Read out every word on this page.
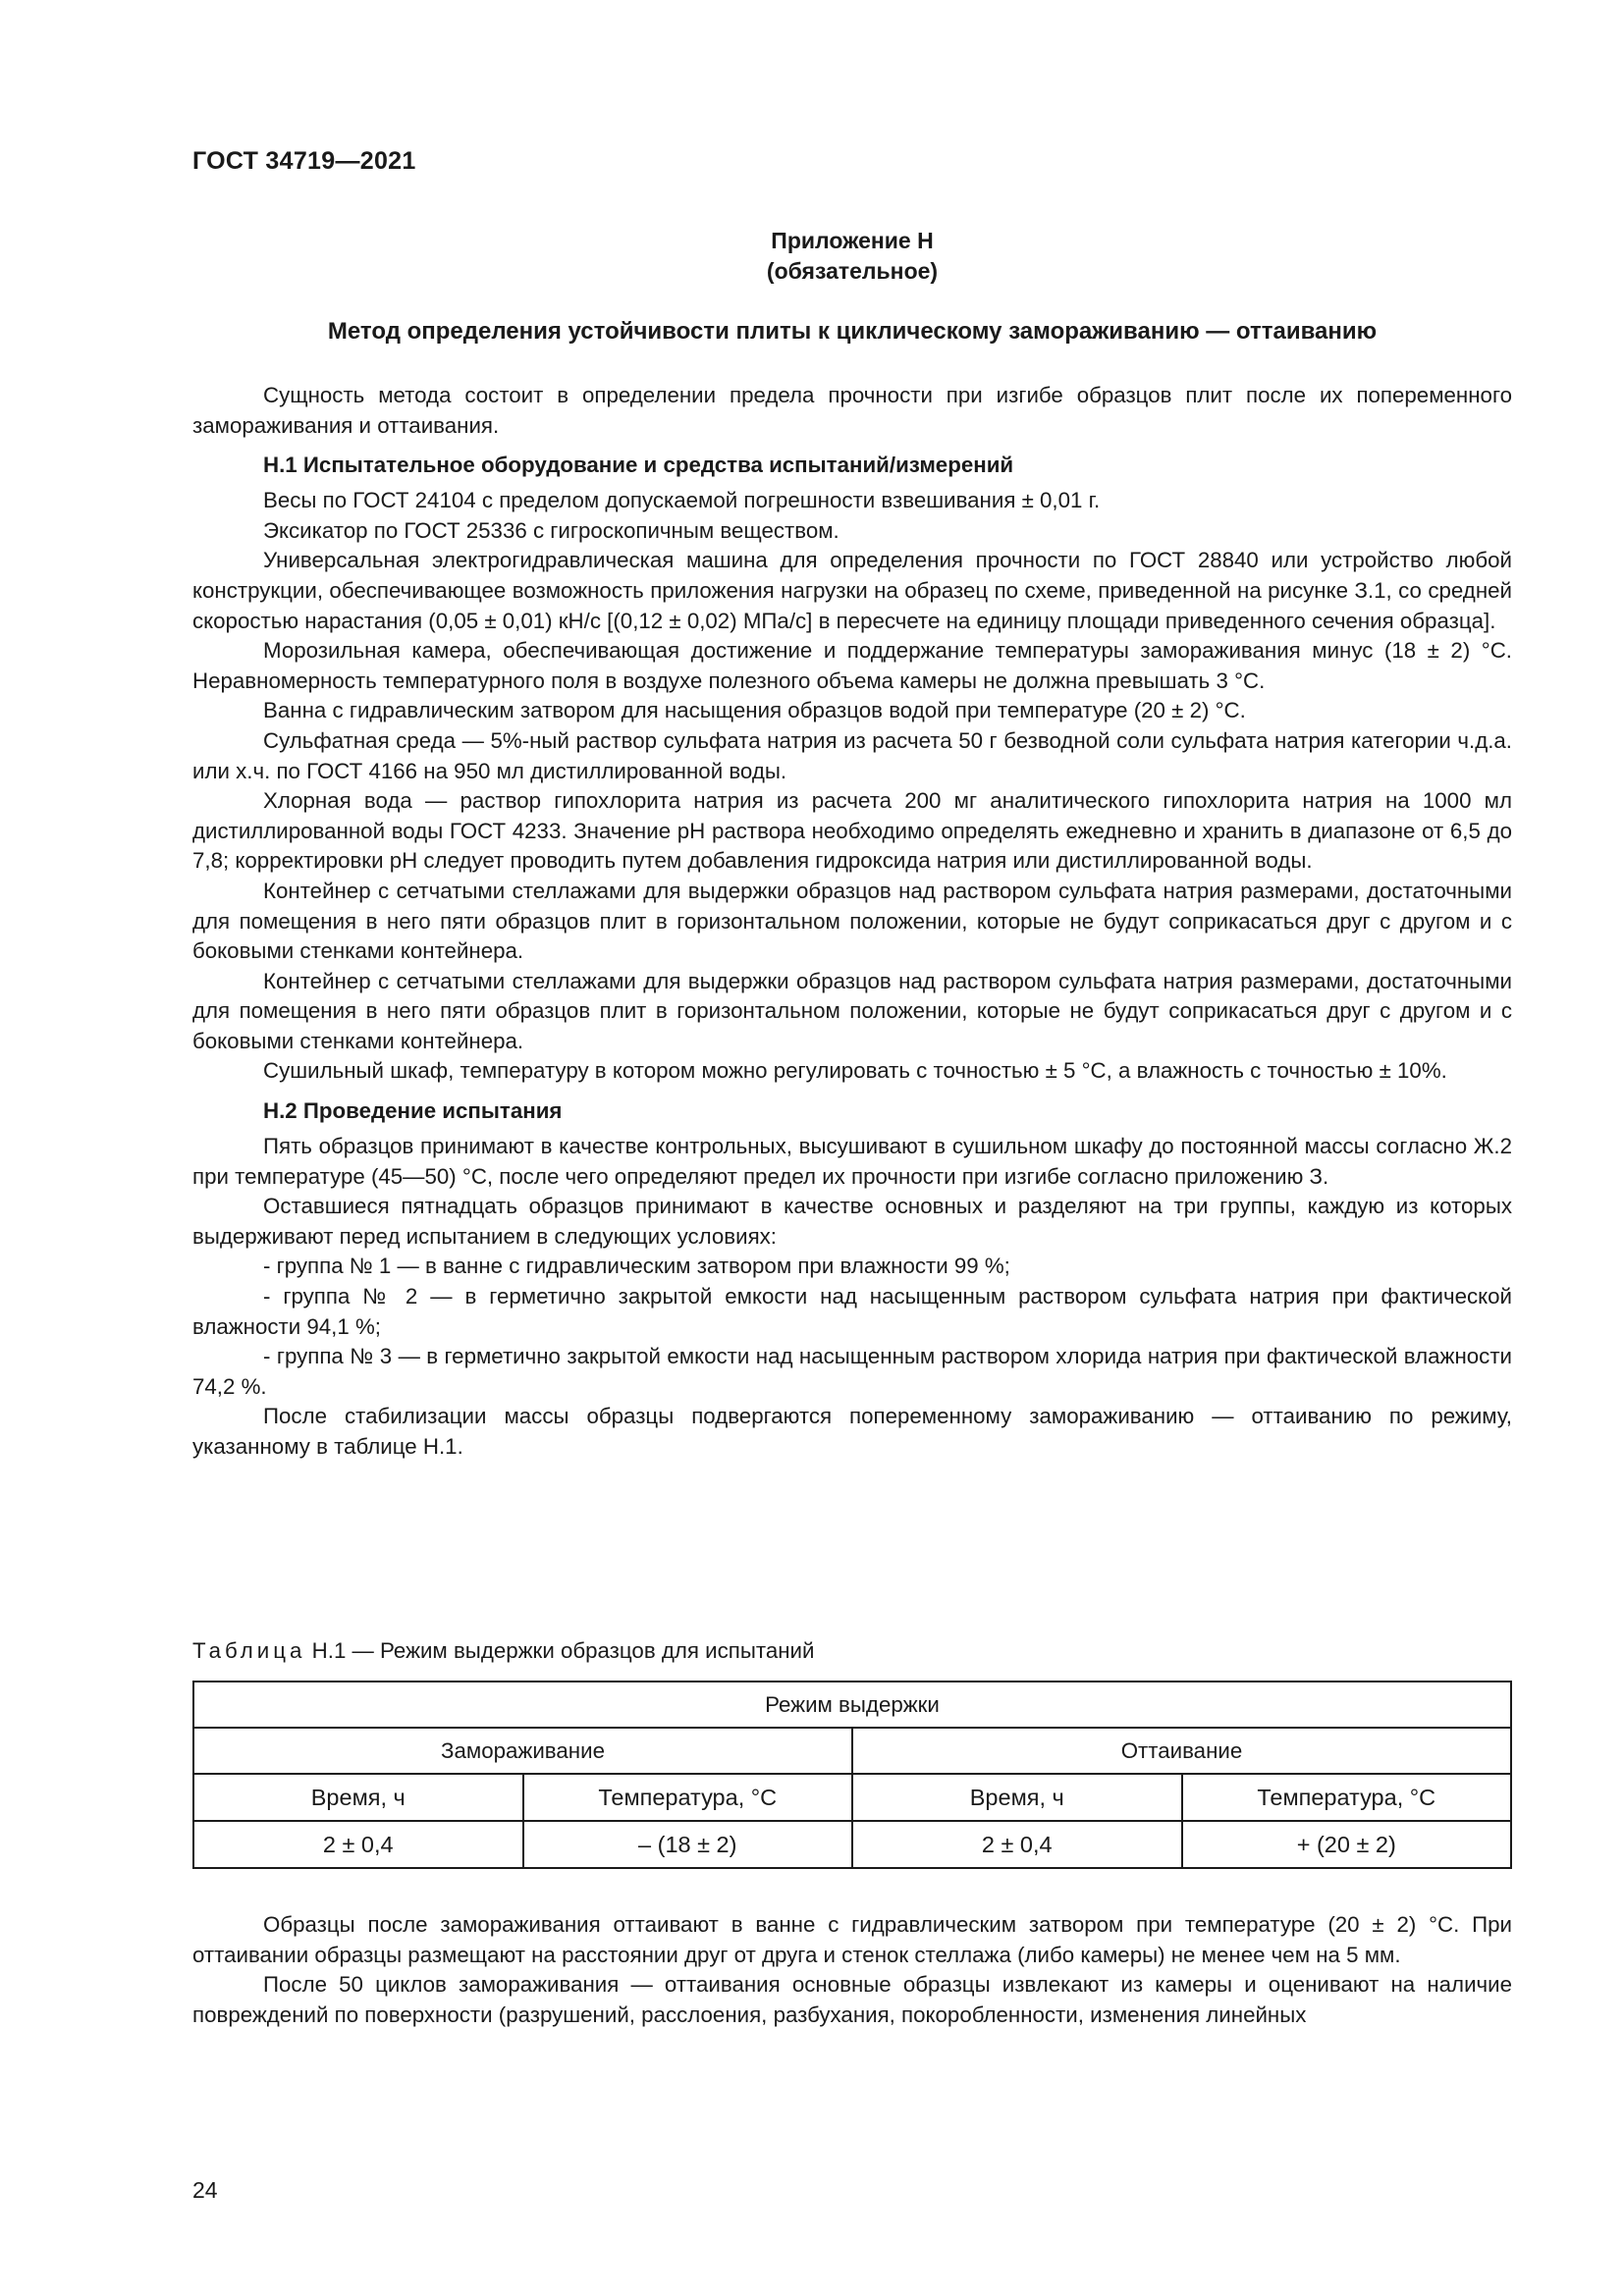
ГОСТ 34719—2021
Приложение Н
(обязательное)
Метод определения устойчивости плиты к циклическому замораживанию — оттаиванию

Сущность метода состоит в определении предела прочности при изгибе образцов плит после их попеременного замораживания и оттаивания.

Н.1 Испытательное оборудование и средства испытаний/измерений

Весы по ГОСТ 24104 с пределом допускаемой погрешности взвешивания ± 0,01 г.

Эксикатор по ГОСТ 25336 с гигроскопичным веществом.

Универсальная электрогидравлическая машина для определения прочности по ГОСТ 28840 или устройство любой конструкции, обеспечивающее возможность приложения нагрузки на образец по схеме, приведенной на рисунке З.1, со средней скоростью нарастания (0,05 ± 0,01) кН/с [(0,12 ± 0,02) МПа/с] в пересчете на единицу площади приведенного сечения образца].

Морозильная камера, обеспечивающая достижение и поддержание температуры замораживания минус (18 ± 2) °С. Неравномерность температурного поля в воздухе полезного объема камеры не должна превышать 3 °С.

Ванна с гидравлическим затвором для насыщения образцов водой при температуре (20 ± 2) °С.

Сульфатная среда — 5%-ный раствор сульфата натрия из расчета 50 г безводной соли сульфата натрия категории ч.д.а. или х.ч. по ГОСТ 4166 на 950 мл дистиллированной воды.

Хлорная вода — раствор гипохлорита натрия из расчета 200 мг аналитического гипохлорита натрия на 1000 мл дистиллированной воды ГОСТ 4233. Значение pH раствора необходимо определять ежедневно и хранить в диапазоне от 6,5 до 7,8; корректировки pH следует проводить путем добавления гидроксида натрия или дистиллированной воды.

Контейнер с сетчатыми стеллажами для выдержки образцов над раствором сульфата натрия размерами, достаточными для помещения в него пяти образцов плит в горизонтальном положении, которые не будут соприкасаться друг с другом и с боковыми стенками контейнера.

Контейнер с сетчатыми стеллажами для выдержки образцов над раствором сульфата натрия размерами, достаточными для помещения в него пяти образцов плит в горизонтальном положении, которые не будут соприкасаться друг с другом и с боковыми стенками контейнера.

Сушильный шкаф, температуру в котором можно регулировать с точностью ± 5 °С, а влажность с точностью ± 10%.

Н.2 Проведение испытания

Пять образцов принимают в качестве контрольных, высушивают в сушильном шкафу до постоянной массы согласно Ж.2 при температуре (45—50) °С, после чего определяют предел их прочности при изгибе согласно приложению З.

Оставшиеся пятнадцать образцов принимают в качестве основных и разделяют на три группы, каждую из которых выдерживают перед испытанием в следующих условиях:

- группа № 1 — в ванне с гидравлическим затвором при влажности 99 %;

- группа № 2 — в герметично закрытой емкости над насыщенным раствором сульфата натрия при фактической влажности 94,1 %;

- группа № 3 — в герметично закрытой емкости над насыщенным раствором хлорида натрия при фактической влажности 74,2 %.

После стабилизации массы образцы подвергаются попеременному замораживанию — оттаиванию по режиму, указанному в таблице Н.1.

Таблица Н.1 — Режим выдержки образцов для испытаний
Режим выдержки			
Замораживание		Оттаивание	
Время, ч	Температура, °С	Время, ч	Температура, °С
2 ± 0,4	– (18 ± 2)	2 ± 0,4	+ (20 ± 2)

Образцы после замораживания оттаивают в ванне с гидравлическим затвором при температуре (20 ± 2) °С. При оттаивании образцы размещают на расстоянии друг от друга и стенок стеллажа (либо камеры) не менее чем на 5 мм.

После 50 циклов замораживания — оттаивания основные образцы извлекают из камеры и оценивают на наличие повреждений по поверхности (разрушений, расслоения, разбухания, покоробленности, изменения линейных

24
